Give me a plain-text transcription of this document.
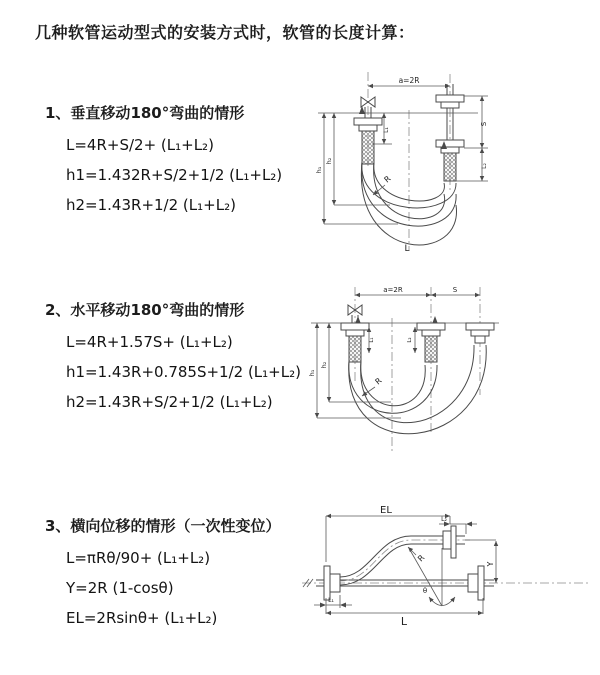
几种软管运动型式的安装方式时，软管的长度计算：
1、垂直移动180°弯曲的情形
L=4R+S/2+ (L₁+L₂)
h1=1.432R+S/2+1/2 (L₁+L₂)
h2=1.43R+1/2 (L₁+L₂)
a=2R
R
h₁
h₂
L₁
S
L₂
L
2、水平移动180°弯曲的情形
L=4R+1.57S+ (L₁+L₂)
h1=1.43R+0.785S+1/2 (L₁+L₂)
h2=1.43R+S/2+1/2 (L₁+L₂)
a=2R	S
R
h₁
h₂
L₁	L₂
3、横向位移的情形（一次性变位）
L=πRθ/90+ (L₁+L₂)
Y=2R (1-cosθ)
EL=2Rsinθ+ (L₁+L₂)
EL
L₂
Y
R
θ
L
L₁
